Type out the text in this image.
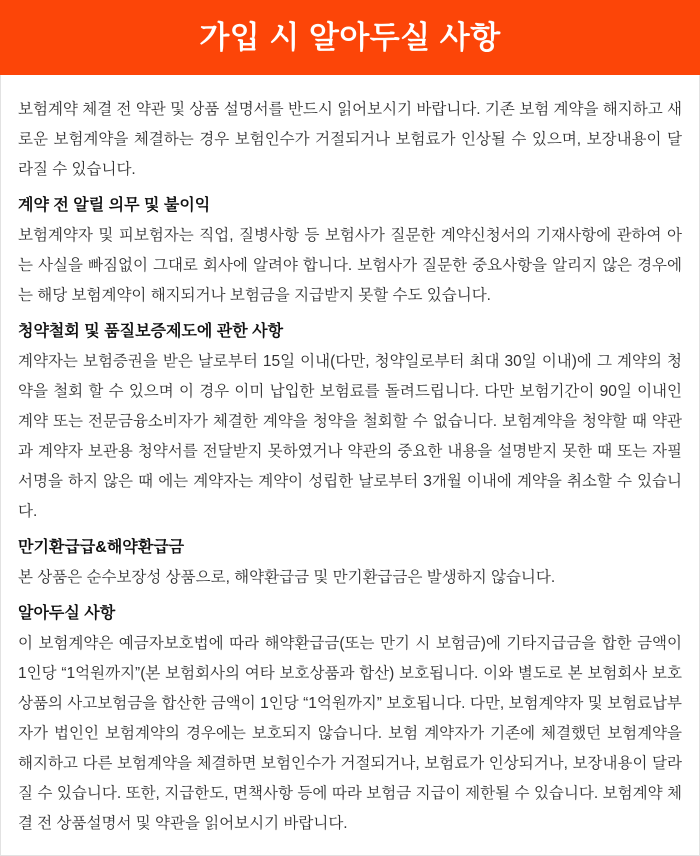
가입 시 알아두실 사항

보험계약 체결 전 약관 및 상품 설명서를 반드시 읽어보시기 바랍니다. 기존 보험 계약을 해지하고 새로운 보험계약을 체결하는 경우 보험인수가 거절되거나 보험료가 인상될 수 있으며, 보장내용이 달라질 수 있습니다.

계약 전 알릴 의무 및 불이익

보험계약자 및 피보험자는 직업, 질병사항 등 보험사가 질문한 계약신청서의 기재사항에 관하여 아는 사실을 빠짐없이 그대로 회사에 알려야 합니다. 보험사가 질문한 중요사항을 알리지 않은 경우에는 해당 보험계약이 해지되거나 보험금을 지급받지 못할 수도 있습니다.

청약철회 및 품질보증제도에 관한 사항

계약자는 보험증권을 받은 날로부터 15일 이내(다만, 청약일로부터 최대 30일 이내)에 그 계약의 청약을 철회 할 수 있으며 이 경우 이미 납입한 보험료를 돌려드립니다. 다만 보험기간이 90일 이내인 계약 또는 전문금융소비자가 체결한 계약을 청약을 철회할 수 없습니다. 보험계약을 청약할 때 약관과 계약자 보관용 청약서를 전달받지 못하였거나 약관의 중요한 내용을 설명받지 못한 때 또는 자필서명을 하지 않은 때 에는 계약자는 계약이 성립한 날로부터 3개월 이내에 계약을 취소할 수 있습니다.

만기환급급&해약환급금

본 상품은 순수보장성 상품으로, 해약환급금 및 만기환급금은 발생하지 않습니다.

알아두실 사항

이 보험계약은 예금자보호법에 따라 해약환급금(또는 만기 시 보험금)에 기타지급금을 합한 금액이 1인당 “1억원까지”(본 보험회사의 여타 보호상품과 합산) 보호됩니다. 이와 별도로 본 보험회사 보호 상품의 사고보험금을 합산한 금액이 1인당 “1억원까지” 보호됩니다. 다만, 보험계약자 및 보험료납부자가 법인인 보험계약의 경우에는 보호되지 않습니다. 보험 계약자가 기존에 체결했던 보험계약을 해지하고 다른 보험계약을 체결하면 보험인수가 거절되거나, 보험료가 인상되거나, 보장내용이 달라질 수 있습니다. 또한, 지급한도, 면책사항 등에 따라 보험금 지급이 제한될 수 있습니다. 보험계약 체결 전 상품설명서 및 약관을 읽어보시기 바랍니다.
